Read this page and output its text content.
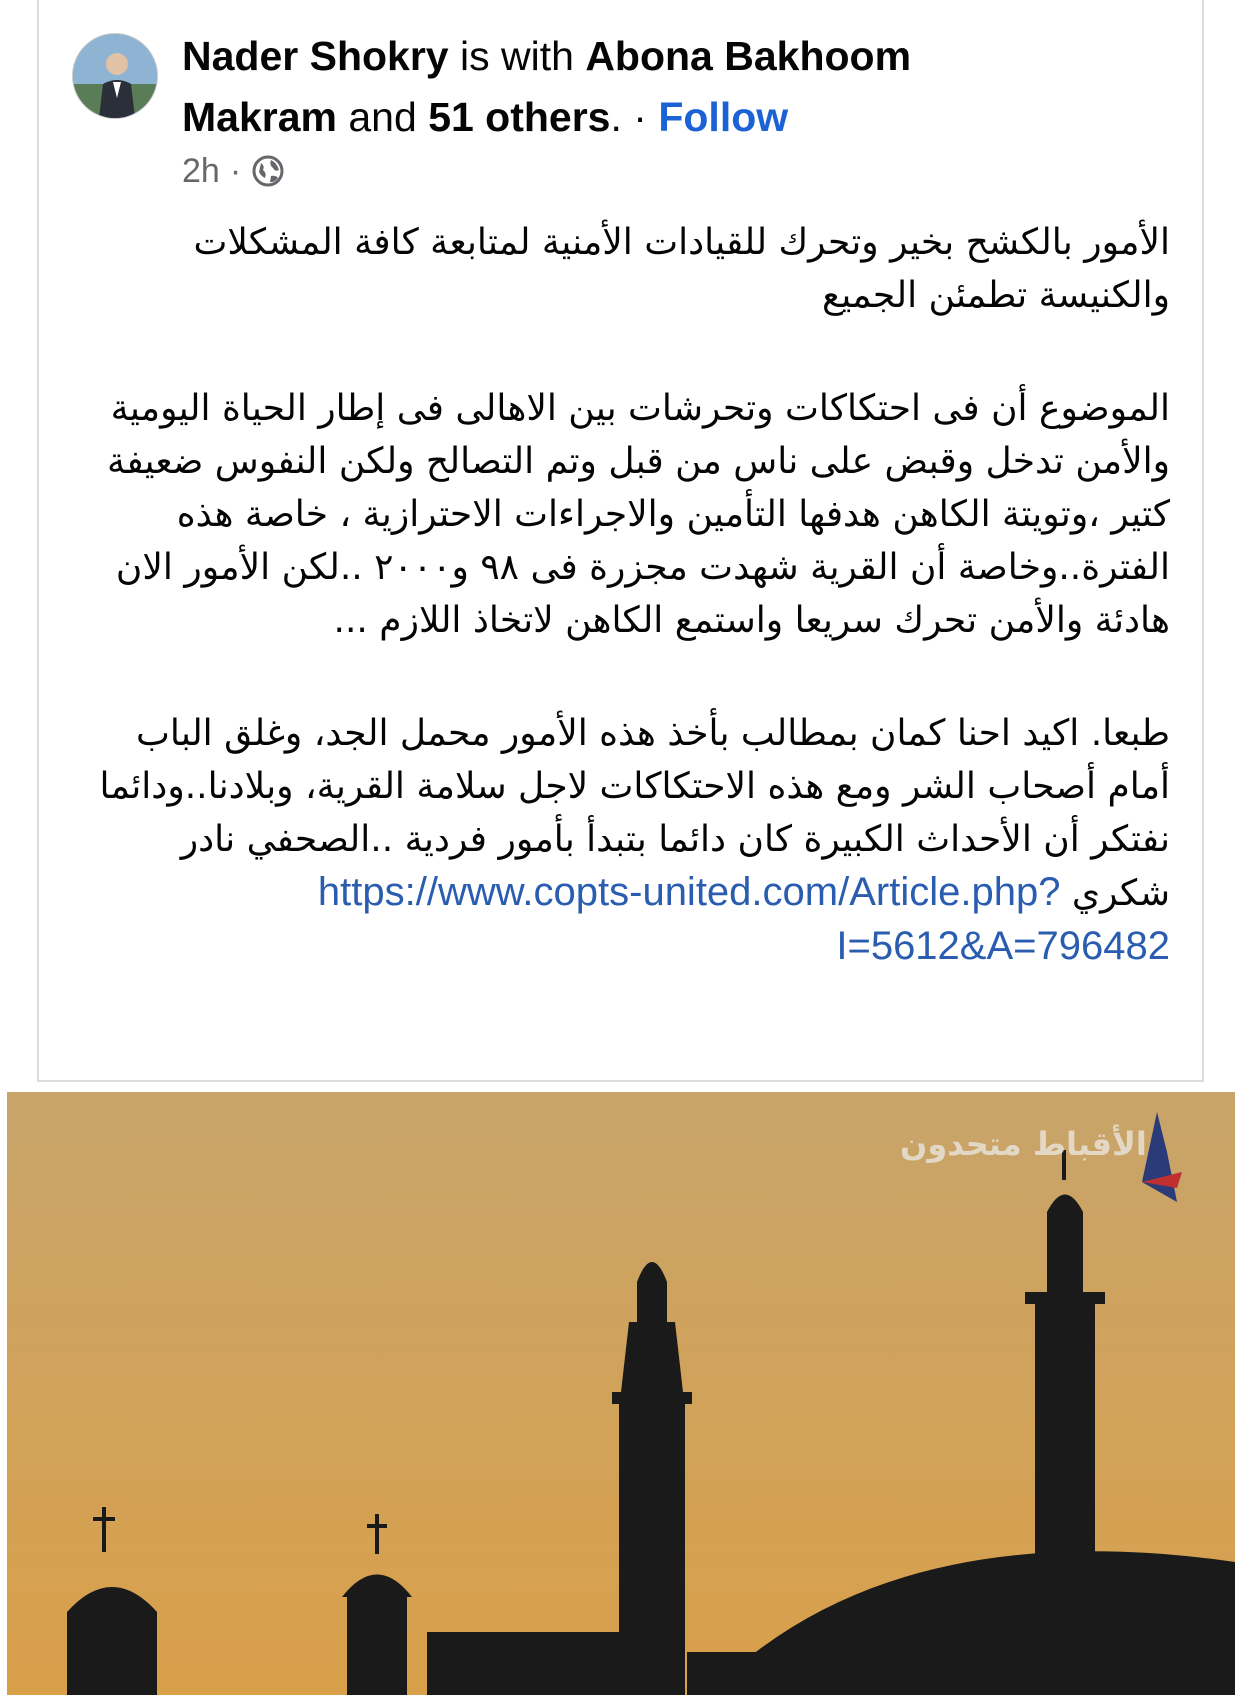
Nader Shokry is with Abona Bakhoom Makram and 51 others. · Follow
2h ·

الأمور بالكشح بخير وتحرك للقيادات الأمنية لمتابعة كافة المشكلات والكنيسة تطمئن الجميع

الموضوع أن فى احتكاكات وتحرشات بين الاهالى فى إطار الحياة اليومية والأمن تدخل وقبض على ناس من قبل وتم التصالح ولكن النفوس ضعيفة كتير ،وتويتة الكاهن هدفها التأمين والاجراءات الاحترازية ، خاصة هذه الفترة..وخاصة أن القرية شهدت مجزرة فى ٩٨ و٢٠٠٠ ..لكن الأمور الان هادئة والأمن تحرك سريعا واستمع الكاهن لاتخاذ اللازم ...

طبعا. اكيد احنا كمان بمطالب بأخذ هذه الأمور محمل الجد، وغلق الباب أمام أصحاب الشر ومع هذه الاحتكاكات لاجل سلامة القرية، وبلادنا..ودائما نفتكر أن الأحداث الكبيرة كان دائما بتبدأ بأمور فردية ..الصحفي نادر شكري https://www.copts-united.com/Article.php?I=5612&A=796482

الأقباط متحدون
